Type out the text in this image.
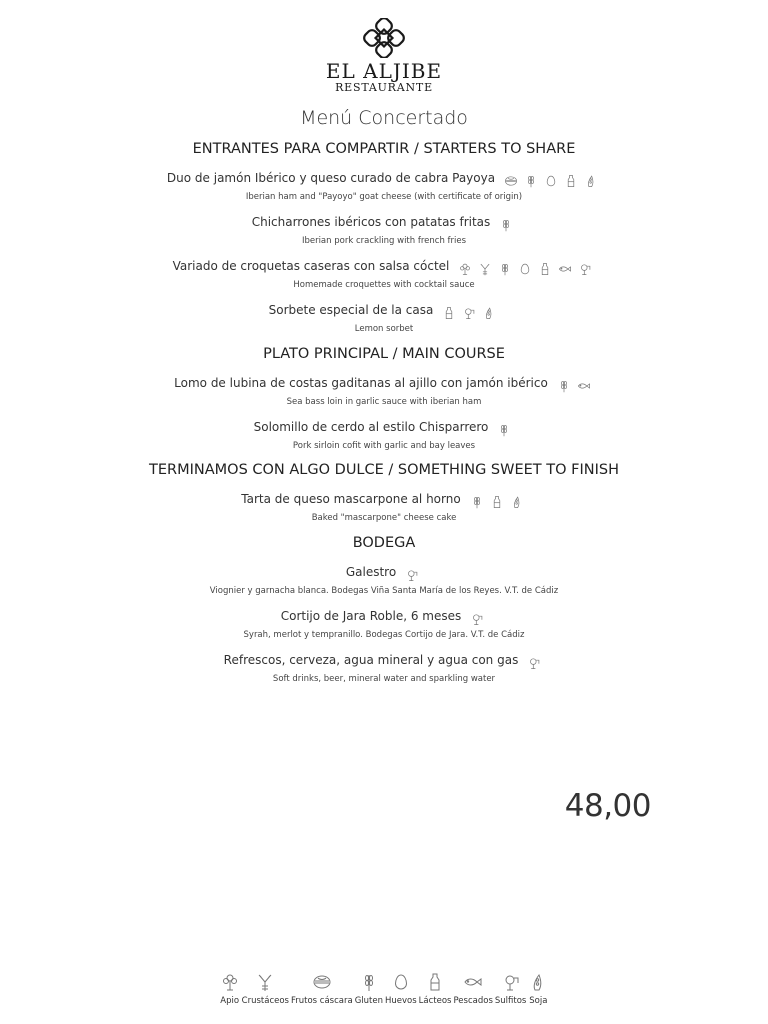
EL ALJIBE
RESTAURANTE
Menú Concertado
ENTRANTES PARA COMPARTIR / STARTERS TO SHARE
Duo de jamón Ibérico y queso curado de cabra Payoya
Iberian ham and "Payoyo" goat cheese (with certificate of origin)
Chicharrones ibéricos con patatas fritas
Iberian pork crackling with french fries
Variado de croquetas caseras con salsa cóctel
Homemade croquettes with cocktail sauce
Sorbete especial de la casa
Lemon sorbet
PLATO PRINCIPAL / MAIN COURSE
Lomo de lubina de costas gaditanas al ajillo con jamón ibérico
Sea bass loin in garlic sauce with iberian ham
Solomillo de cerdo al estilo Chisparrero
Pork sirloin cofit with garlic and bay leaves
TERMINAMOS CON ALGO DULCE / SOMETHING SWEET TO FINISH
Tarta de queso mascarpone al horno
Baked "mascarpone" cheese cake
BODEGA
Galestro
Viognier y garnacha blanca. Bodegas Viña Santa María de los Reyes. V.T. de Cádiz
Cortijo de Jara Roble, 6 meses
Syrah, merlot y tempranillo. Bodegas Cortijo de Jara. V.T. de Cádiz
Refrescos, cerveza, agua mineral y agua con gas
Soft drinks, beer, mineral water and sparkling water
48,00
Apio Crustáceos Frutos cáscara Gluten Huevos Lácteos Pescados Sulfitos Soja
